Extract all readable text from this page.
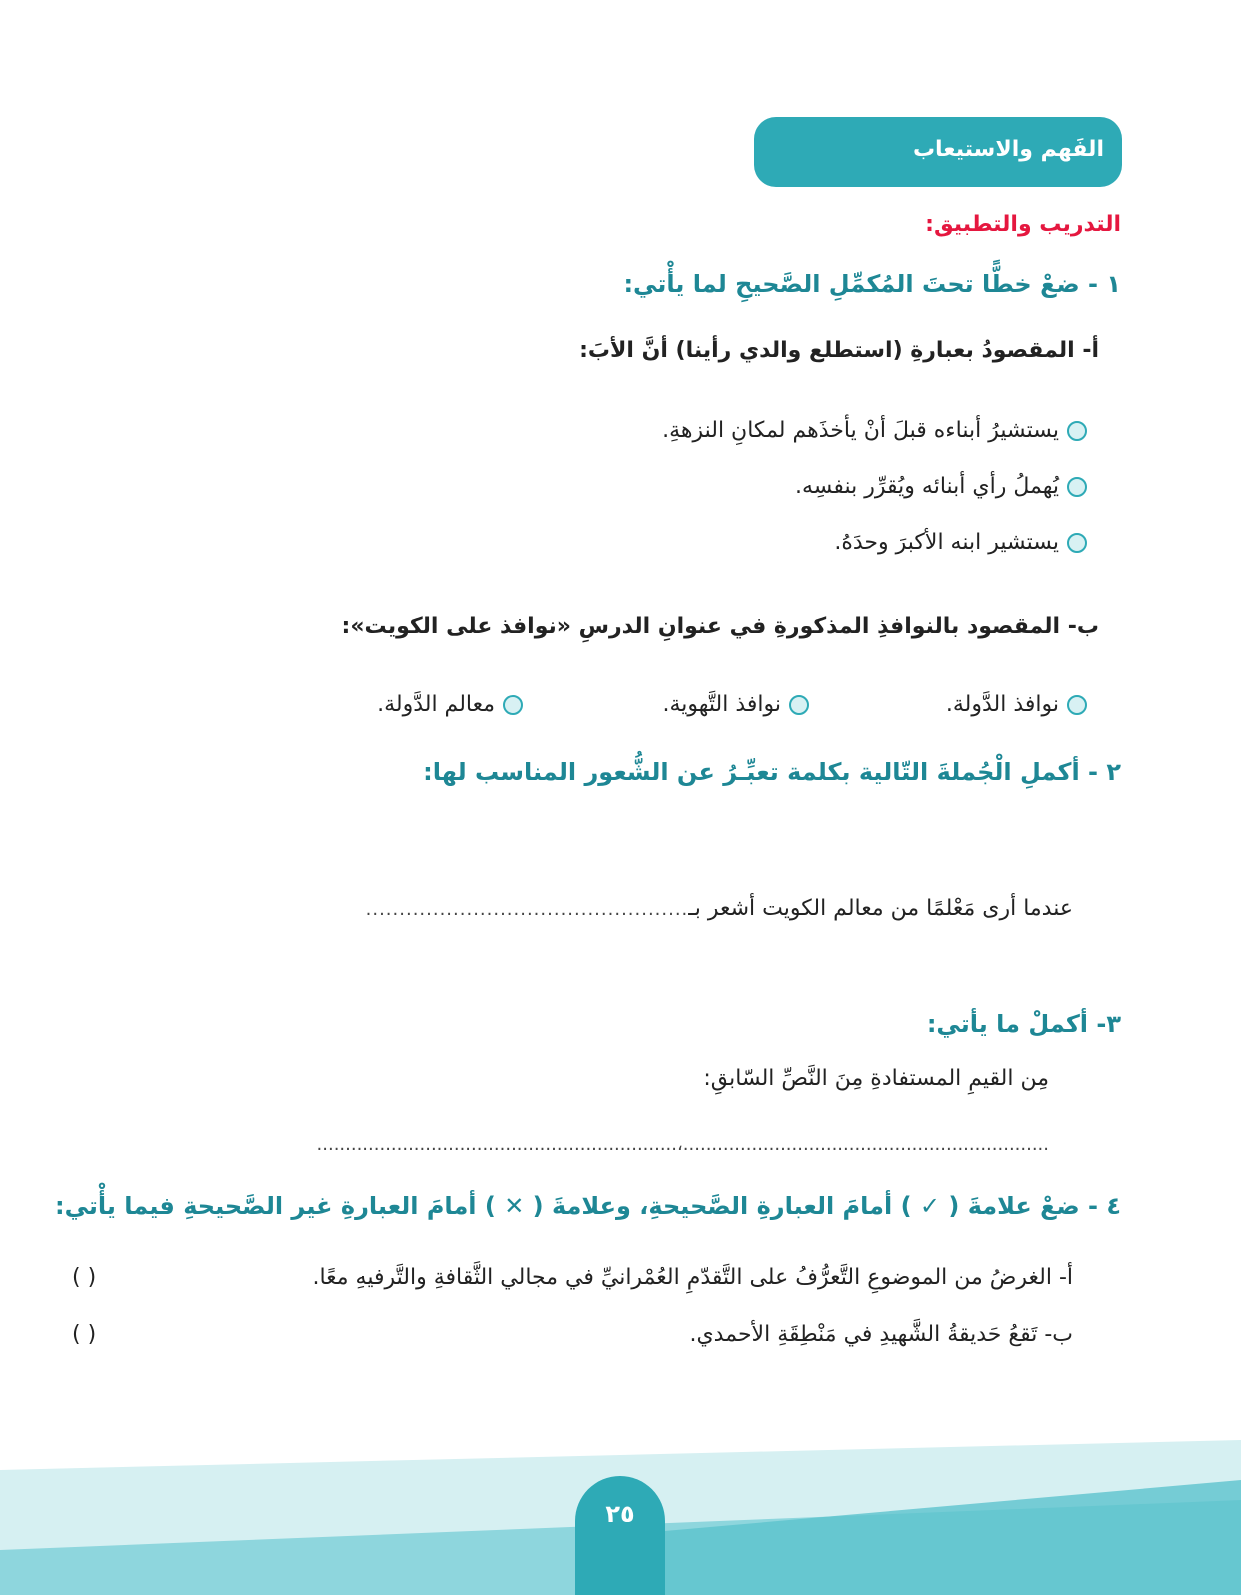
الفَهم والاستيعاب
التدريب والتطبيق:
١ - ضعْ خطًّا تحتَ المُكمِّلِ الصَّحيحِ لما يأْتي:
أ- المقصودُ بعبارةِ (استطلع والدي رأينا) أنَّ الأبَ:
يستشيرُ أبناءه قبلَ أنْ يأخذَهم لمكانِ النزهةِ.
يُهملُ رأي أبنائه ويُقرِّر بنفسِه.
يستشير ابنه الأكبرَ وحدَهُ.
ب- المقصود بالنوافذِ المذكورةِ في عنوانِ الدرسِ «نوافذ على الكويت»:
نوافذ الدَّولة.
نوافذ التَّهوية.
معالم الدَّولة.
٢ - أكملِ الْجُملةَ التّالية بكلمة تعبِّـرُ عن الشُّعور المناسب لها:
عندما أرى مَعْلمًا من معالم الكويت أشعر بـ
................................................
٣- أكملْ ما يأتي:
مِن القيمِ المستفادةِ مِنَ النَّصِّ السّابقِ:
................................................................،...............................................................
٤ - ضعْ علامةَ ( ✓ ) أمامَ العبارةِ الصَّحيحةِ، وعلامةَ ( ✕ ) أمامَ العبارةِ غير الصَّحيحةِ فيما يأْتي:
أ- الغرضُ من الموضوعِ التَّعرُّفُ على التَّقدّمِ العُمْرانيِّ في مجالي الثَّقافةِ والتَّرفيهِ معًا.
( )
ب- تَقعُ حَديقةُ الشَّهيدِ في مَنْطِقَةِ الأحمدي.
( )
٢٥
